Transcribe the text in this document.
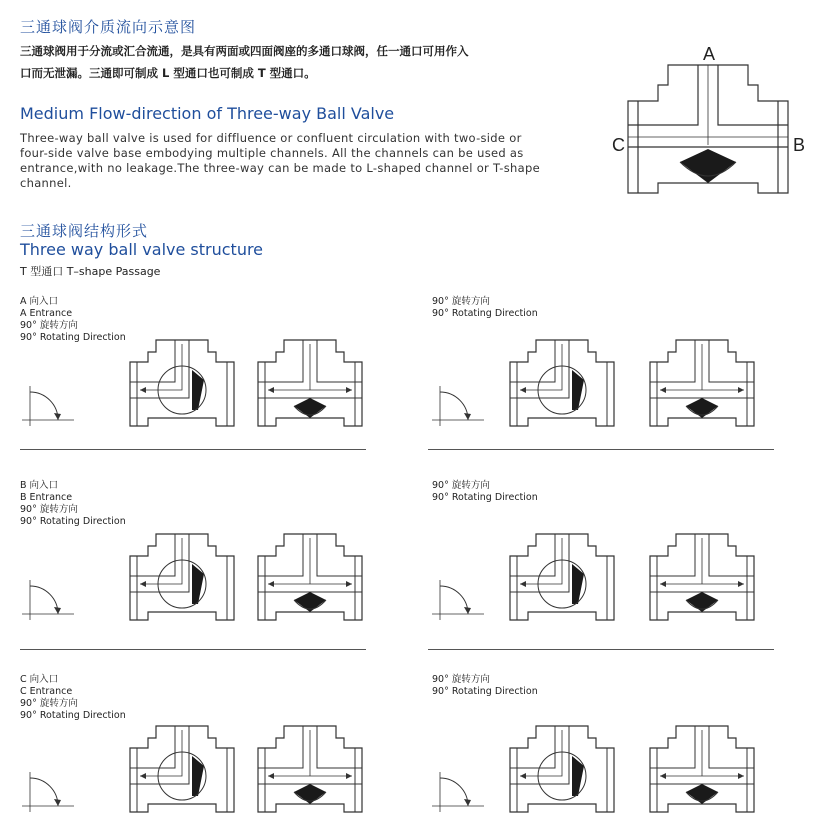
三通球阀介质流向示意图
三通球阀用于分流或汇合流通，是具有两面或四面阀座的多通口球阀，任一通口可用作入
口而无泄漏。三通即可制成 L 型通口也可制成 T 型通口。
Medium Flow-direction of Three-way Ball Valve
Three-way ball valve is used for diffluence or confluent circulation with two-side or
four-side valve base embodying multiple channels. All the channels can be used as
entrance,with no leakage.The three-way can be made to L-shaped channel or T-shape
channel.
A
C	B
三通球阀结构形式
Three way ball valve structure
T 型通口 T–shape Passage
A 向入口
A Entrance
90° 旋转方向
90° Rotating Direction
90° 旋转方向
90° Rotating Direction
B 向入口
B Entrance
90° 旋转方向
90° Rotating Direction
90° 旋转方向
90° Rotating Direction
C 向入口
C Entrance
90° 旋转方向
90° Rotating Direction
90° 旋转方向
90° Rotating Direction
